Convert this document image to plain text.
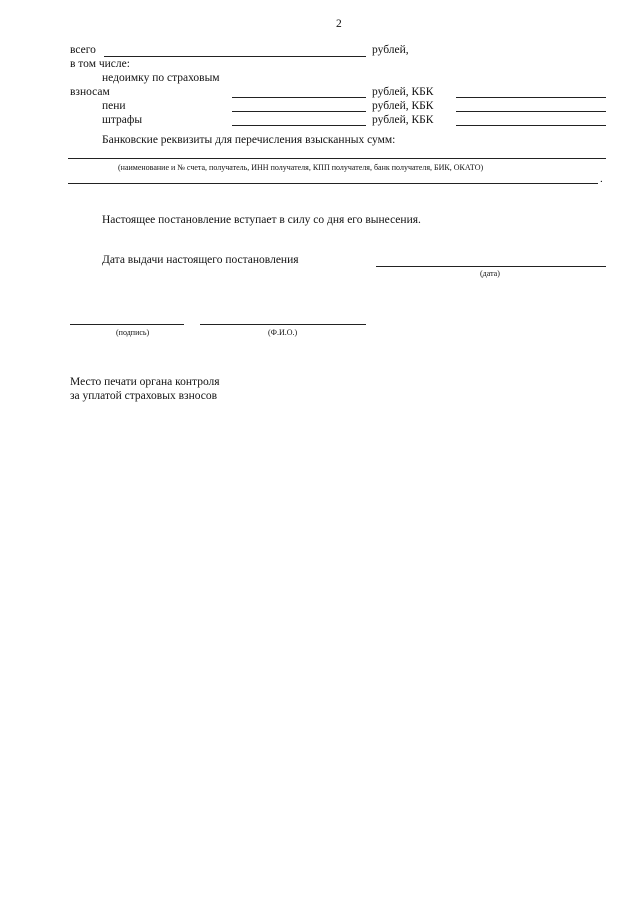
2
всего	рублей,
в том числе:
недоимку по страховым
взносам	рублей, КБК
пени	рублей, КБК
штрафы	рублей, КБК
Банковские реквизиты для перечисления взысканных сумм:
(наименование и № счета, получатель, ИНН получателя, КПП получателя, банк получателя, БИК, ОКАТО)
.
Настоящее постановление вступает в силу со дня его вынесения.
Дата выдачи настоящего постановления
(дата)
(подпись)	(Ф.И.О.)
Место печати органа контроля
за уплатой страховых взносов
